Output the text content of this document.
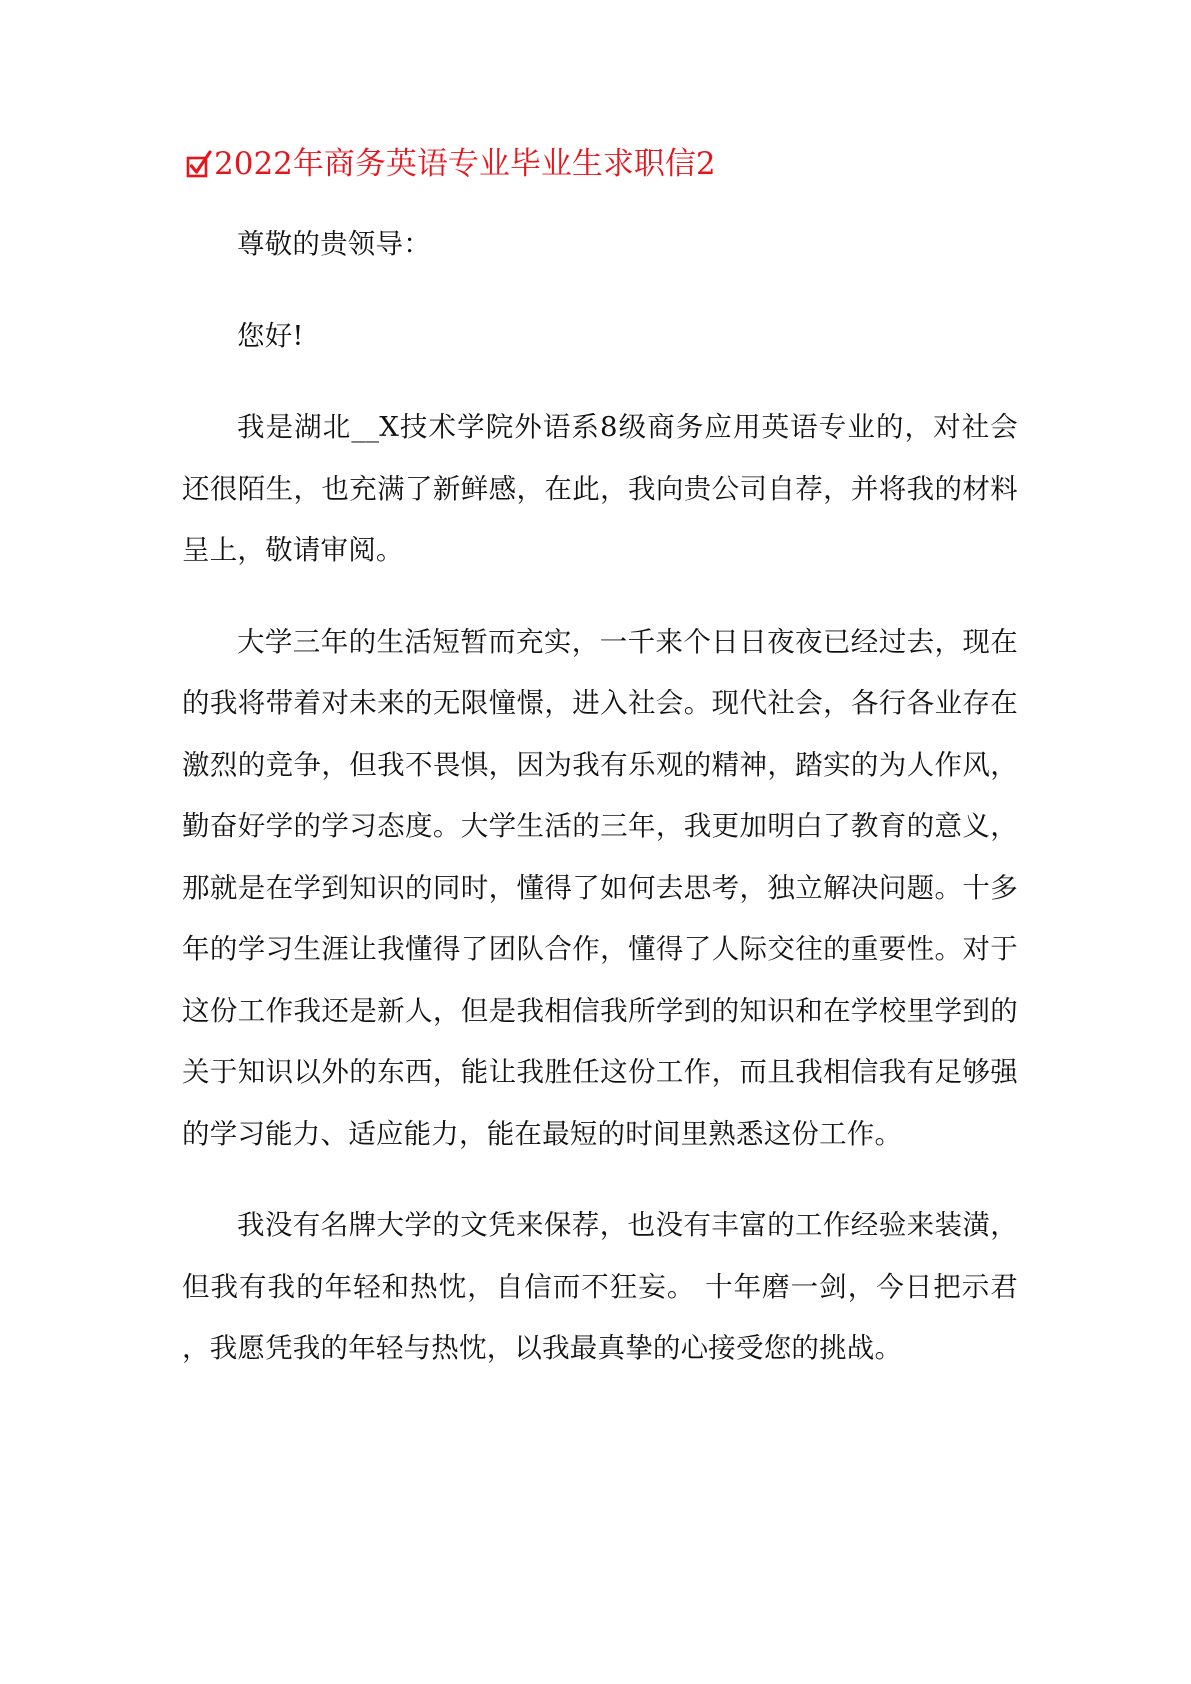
2022年商务英语专业毕业生求职信2

尊敬的贵领导：

您好!

我是湖北__X技术学院外语系8级商务应用英语专业的，对社会还很陌生，也充满了新鲜感，在此，我向贵公司自荐，并将我的材料呈上，敬请审阅。

大学三年的生活短暂而充实，一千来个日日夜夜已经过去，现在的我将带着对未来的无限憧憬，进入社会。现代社会，各行各业存在激烈的竞争，但我不畏惧，因为我有乐观的精神，踏实的为人作风，勤奋好学的学习态度。大学生活的三年，我更加明白了教育的意义，那就是在学到知识的同时，懂得了如何去思考，独立解决问题。十多年的学习生涯让我懂得了团队合作，懂得了人际交往的重要性。对于这份工作我还是新人，但是我相信我所学到的知识和在学校里学到的关于知识以外的东西，能让我胜任这份工作，而且我相信我有足够强的学习能力、适应能力，能在最短的时间里熟悉这份工作。

我没有名牌大学的文凭来保荐，也没有丰富的工作经验来装潢，但我有我的年轻和热忱，自信而不狂妄。 十年磨一剑，今日把示君 ，我愿凭我的年轻与热忱，以我最真挚的心接受您的挑战。
